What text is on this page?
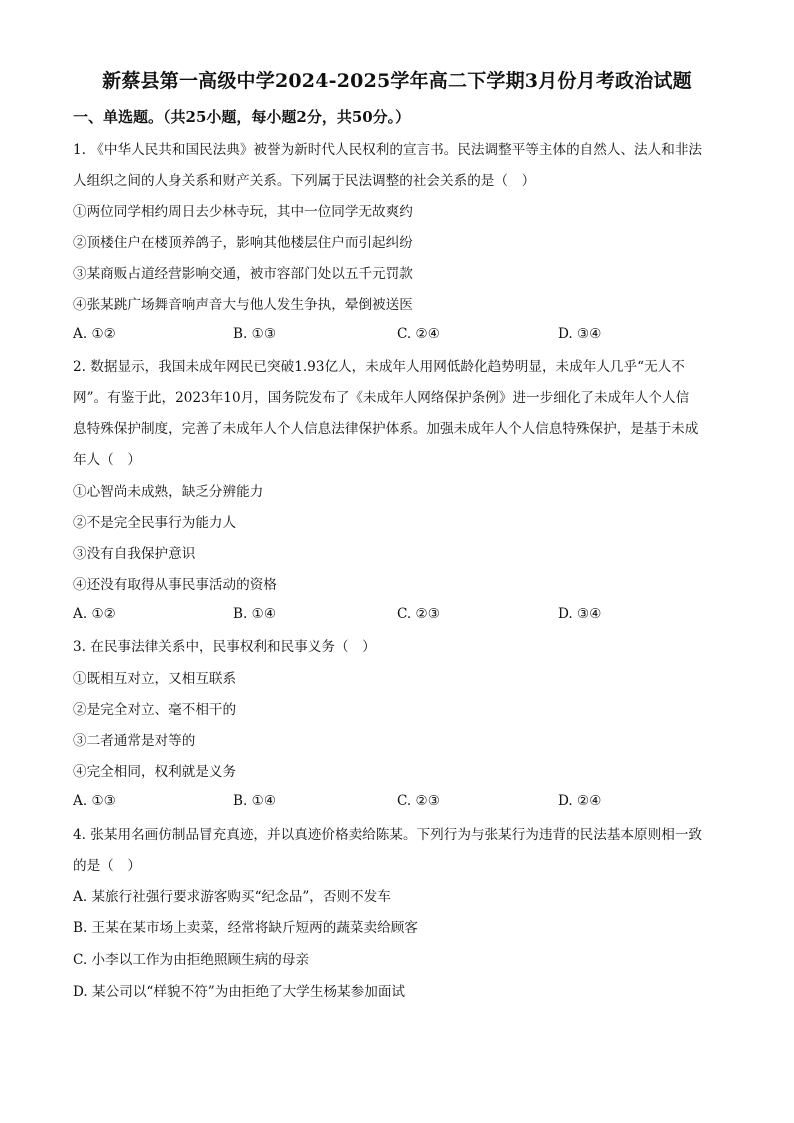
新蔡县第一高级中学2024-2025学年高二下学期3月份月考政治试题
一、单选题。（共25小题，每小题2分，共50分。）
1. 《中华人民共和国民法典》被誉为新时代人民权利的宣言书。民法调整平等主体的自然人、法人和非法
人组织之间的人身关系和财产关系。下列属于民法调整的社会关系的是（　）
①两位同学相约周日去少林寺玩，其中一位同学无故爽约
②顶楼住户在楼顶养鸽子，影响其他楼层住户而引起纠纷
③某商贩占道经营影响交通，被市容部门处以五千元罚款
④张某跳广场舞音响声音大与他人发生争执，晕倒被送医
A. ①②	B. ①③	C. ②④	D. ③④
2. 数据显示，我国未成年网民已突破1.93亿人，未成年人用网低龄化趋势明显，未成年人几乎“无人不
网”。有鉴于此，2023年10月，国务院发布了《未成年人网络保护条例》进一步细化了未成年人个人信
息特殊保护制度，完善了未成年人个人信息法律保护体系。加强未成年人个人信息特殊保护，是基于未成
年人（　）
①心智尚未成熟，缺乏分辨能力
②不是完全民事行为能力人
③没有自我保护意识
④还没有取得从事民事活动的资格
A. ①②	B. ①④	C. ②③	D. ③④
3. 在民事法律关系中，民事权利和民事义务（　）
①既相互对立，又相互联系
②是完全对立、毫不相干的
③二者通常是对等的
④完全相同，权利就是义务
A. ①③	B. ①④	C. ②③	D. ②④
4. 张某用名画仿制品冒充真迹，并以真迹价格卖给陈某。下列行为与张某行为违背的民法基本原则相一致
的是（　）
A. 某旅行社强行要求游客购买“纪念品”，否则不发车
B. 王某在某市场上卖菜，经常将缺斤短两的蔬菜卖给顾客
C. 小李以工作为由拒绝照顾生病的母亲
D. 某公司以“样貌不符”为由拒绝了大学生杨某参加面试
